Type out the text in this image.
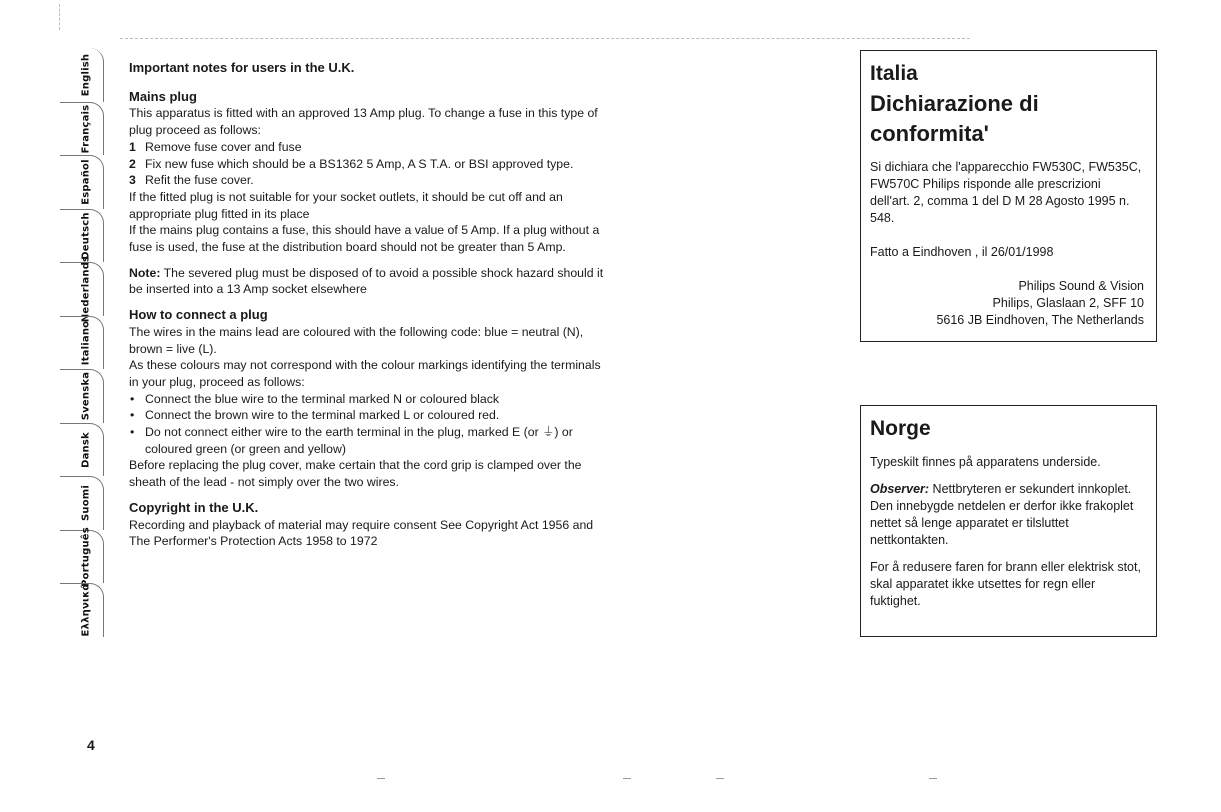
English
Français
Español
Deutsch
Nederlands
Italiano
Svenska
Dansk
Suomi
Português
Ελληνικά
4

Important notes for users in the U.K.

Mains plug

This apparatus is fitted with an approved 13 Amp plug. To change a fuse in this type of plug proceed as follows:

1 Remove fuse cover and fuse

2 Fix new fuse which should be a BS1362 5 Amp, A S T.A. or BSI approved type.

3 Refit the fuse cover.

If the fitted plug is not suitable for your socket outlets, it should be cut off and an appropriate plug fitted in its place

If the mains plug contains a fuse, this should have a value of 5 Amp. If a plug without a fuse is used, the fuse at the distribution board should not be greater than 5 Amp.

Note: The severed plug must be disposed of to avoid a possible shock hazard should it be inserted into a 13 Amp socket elsewhere

How to connect a plug

The wires in the mains lead are coloured with the following code: blue = neutral (N), brown = live (L).

As these colours may not correspond with the colour markings identifying the terminals in your plug, proceed as follows:

• Connect the blue wire to the terminal marked N or coloured black

• Connect the brown wire to the terminal marked L or coloured red.

• Do not connect either wire to the earth terminal in the plug, marked E (or ⏚) or coloured green (or green and yellow)

Before replacing the plug cover, make certain that the cord grip is clamped over the sheath of the lead - not simply over the two wires.

Copyright in the U.K.

Recording and playback of material may require consent See Copyright Act 1956 and The Performer's Protection Acts 1958 to 1972

Italia
Dichiarazione di conformita'

Si dichiara che l'apparecchio FW530C, FW535C, FW570C Philips risponde alle prescrizioni dell'art. 2, comma 1 del D M 28 Agosto 1995 n. 548.

Fatto a Eindhoven , il 26/01/1998

Philips Sound & Vision

Philips, Glaslaan 2, SFF 10

5616 JB Eindhoven, The Netherlands

Norge

Typeskilt finnes på apparatens underside.

Observer: Nettbryteren er sekundert innkoplet. Den innebygde netdelen er derfor ikke frakoplet nettet så lenge apparatet er tilsluttet nettkontakten.

For å redusere faren for brann eller elektrisk stot, skal apparatet ikke utsettes for regn eller fuktighet.
